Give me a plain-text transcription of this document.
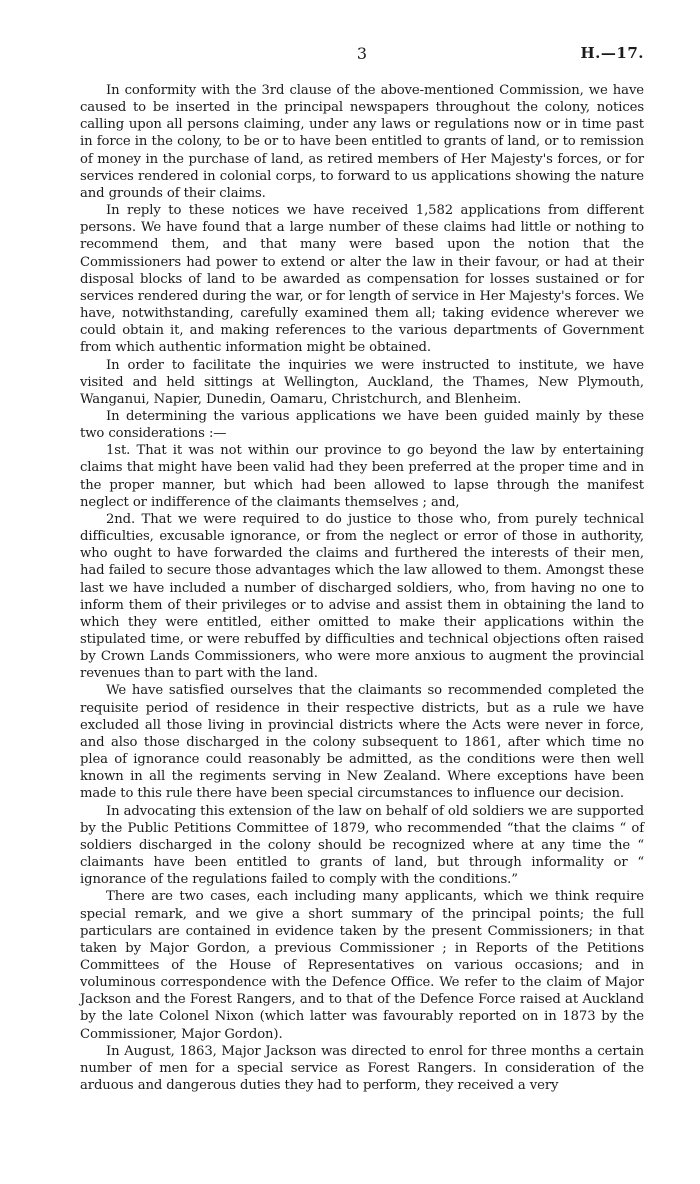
3	H.—17.

In conformity with the 3rd clause of the above-mentioned Commission, we have caused to be inserted in the principal newspapers throughout the colony, notices calling upon all persons claiming, under any laws or regulations now or in time past in force in the colony, to be or to have been entitled to grants of land, or to remission of money in the purchase of land, as retired members of Her Majesty's forces, or for services rendered in colonial corps, to forward to us applications showing the nature and grounds of their claims.

In reply to these notices we have received 1,582 applications from different persons. We have found that a large number of these claims had little or nothing to recommend them, and that many were based upon the notion that the Commissioners had power to extend or alter the law in their favour, or had at their disposal blocks of land to be awarded as compensation for losses sustained or for services rendered during the war, or for length of service in Her Majesty's forces. We have, notwithstanding, carefully examined them all; taking evidence wherever we could obtain it, and making references to the various departments of Government from which authentic information might be obtained.

In order to facilitate the inquiries we were instructed to institute, we have visited and held sittings at Wellington, Auckland, the Thames, New Plymouth, Wanganui, Napier, Dunedin, Oamaru, Christchurch, and Blenheim.

In determining the various applications we have been guided mainly by these two considerations :—

1st. That it was not within our province to go beyond the law by entertaining claims that might have been valid had they been preferred at the proper time and in the proper manner, but which had been allowed to lapse through the manifest neglect or indifference of the claimants themselves ; and,

2nd. That we were required to do justice to those who, from purely technical difficulties, excusable ignorance, or from the neglect or error of those in authority, who ought to have forwarded the claims and furthered the interests of their men, had failed to secure those advantages which the law allowed to them. Amongst these last we have included a number of discharged soldiers, who, from having no one to inform them of their privileges or to advise and assist them in obtaining the land to which they were entitled, either omitted to make their applications within the stipulated time, or were rebuffed by difficulties and technical objections often raised by Crown Lands Commissioners, who were more anxious to augment the provincial revenues than to part with the land.

We have satisfied ourselves that the claimants so recommended completed the requisite period of residence in their respective districts, but as a rule we have excluded all those living in provincial districts where the Acts were never in force, and also those discharged in the colony subsequent to 1861, after which time no plea of ignorance could reasonably be admitted, as the conditions were then well known in all the regiments serving in New Zealand. Where exceptions have been made to this rule there have been special circumstances to influence our decision.

In advocating this extension of the law on behalf of old soldiers we are supported by the Public Petitions Committee of 1879, who recommended “that the claims “ of soldiers discharged in the colony should be recognized where at any time the “ claimants have been entitled to grants of land, but through informality or “ ignorance of the regulations failed to comply with the conditions.”

There are two cases, each including many applicants, which we think require special remark, and we give a short summary of the principal points; the full particulars are contained in evidence taken by the present Commissioners; in that taken by Major Gordon, a previous Commissioner ; in Reports of the Petitions Committees of the House of Representatives on various occasions; and in voluminous correspondence with the Defence Office. We refer to the claim of Major Jackson and the Forest Rangers, and to that of the Defence Force raised at Auckland by the late Colonel Nixon (which latter was favourably reported on in 1873 by the Commissioner, Major Gordon).

In August, 1863, Major Jackson was directed to enrol for three months a certain number of men for a special service as Forest Rangers. In consideration of the arduous and dangerous duties they had to perform, they received a very
